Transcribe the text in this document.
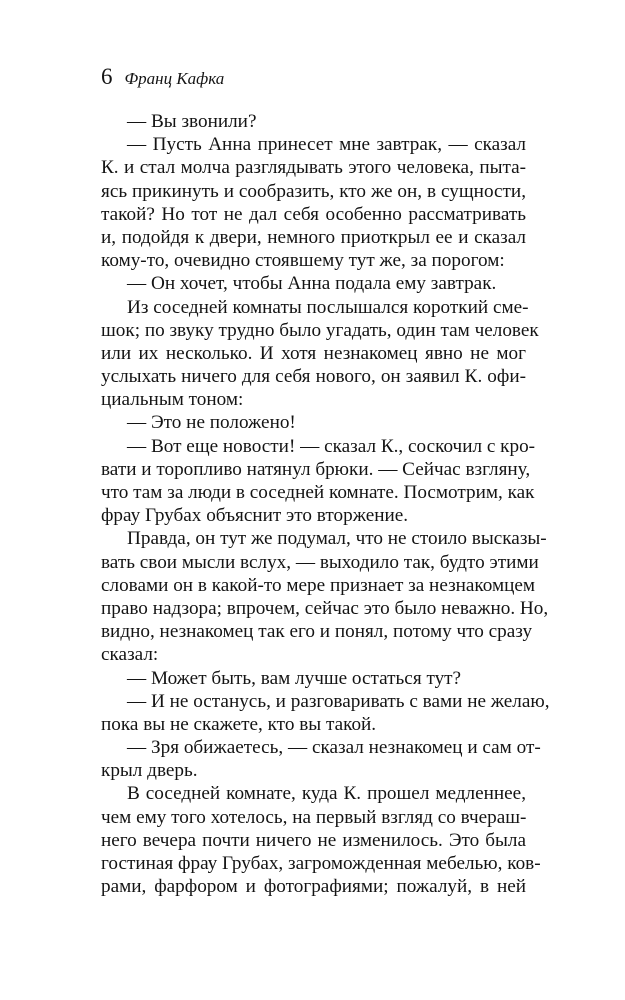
6 Франц Кафка
— Вы звонили?
— Пусть Анна принесет мне завтрак, — сказал
К. и стал молча разглядывать этого человека, пыта-
ясь прикинуть и сообразить, кто же он, в сущности,
такой? Но тот не дал себя особенно рассматривать
и, подойдя к двери, немного приоткрыл ее и сказал
кому-то, очевидно стоявшему тут же, за порогом:
— Он хочет, чтобы Анна подала ему завтрак.
Из соседней комнаты послышался короткий сме-
шок; по звуку трудно было угадать, один там человек
или их несколько. И хотя незнакомец явно не мог
услыхать ничего для себя нового, он заявил К. офи-
циальным тоном:
— Это не положено!
— Вот еще новости! — сказал К., соскочил с кро-
вати и торопливо натянул брюки. — Сейчас взгляну,
что там за люди в соседней комнате. Посмотрим, как
фрау Грубах объяснит это вторжение.
Правда, он тут же подумал, что не стоило высказы-
вать свои мысли вслух, — выходило так, будто этими
словами он в какой-то мере признает за незнакомцем
право надзора; впрочем, сейчас это было неважно. Но,
видно, незнакомец так его и понял, потому что сразу
сказал:
— Может быть, вам лучше остаться тут?
— И не останусь, и разговаривать с вами не желаю,
пока вы не скажете, кто вы такой.
— Зря обижаетесь, — сказал незнакомец и сам от-
крыл дверь.
В соседней комнате, куда К. прошел медленнее,
чем ему того хотелось, на первый взгляд со вчераш-
него вечера почти ничего не изменилось. Это была
гостиная фрау Грубах, загроможденная мебелью, ков-
рами, фарфором и фотографиями; пожалуй, в ней
